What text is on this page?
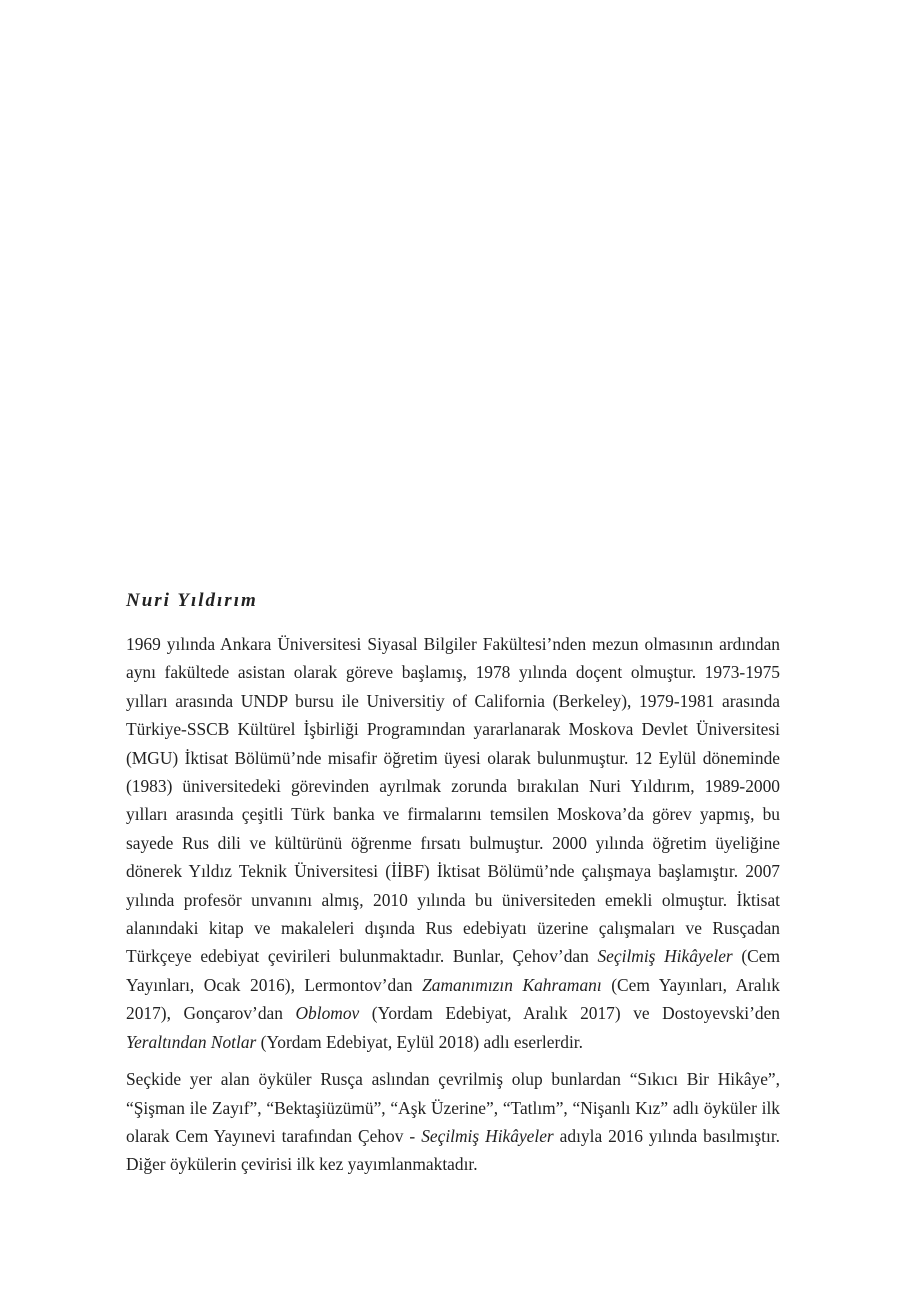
Nuri Yıldırım

1969 yılında Ankara Üniversitesi Siyasal Bilgiler Fakültesi’nden mezun olmasının ardından aynı fakültede asistan olarak göreve başlamış, 1978 yılında doçent olmuştur. 1973-1975 yılları arasında UNDP bursu ile Universitiy of California (Berkeley), 1979-1981 arasında Türkiye-SSCB Kültürel İşbirliği Programından yararlanarak Moskova Devlet Üniversitesi (MGU) İktisat Bölümü’nde misafir öğretim üyesi olarak bulunmuştur. 12 Eylül döneminde (1983) üniversitedeki görevinden ayrılmak zorunda bırakılan Nuri Yıldırım, 1989-2000 yılları arasında çeşitli Türk banka ve firmalarını temsilen Moskova’da görev yapmış, bu sayede Rus dili ve kültürünü öğrenme fırsatı bulmuştur. 2000 yılında öğretim üyeliğine dönerek Yıldız Teknik Üniversitesi (İİBF) İktisat Bölümü’nde çalışmaya başlamıştır. 2007 yılında profesör unvanını almış, 2010 yılında bu üniversiteden emekli olmuştur. İktisat alanındaki kitap ve makaleleri dışında Rus edebiyatı üzerine çalışmaları ve Rusçadan Türkçeye edebiyat çevirileri bulunmaktadır. Bunlar, Çehov’dan Seçilmiş Hikâyeler (Cem Yayınları, Ocak 2016), Lermontov’dan Zamanımızın Kahramanı (Cem Yayınları, Aralık 2017), Gonçarov’dan Oblomov (Yordam Edebiyat, Aralık 2017) ve Dostoyevski’den Yeraltından Notlar (Yordam Edebiyat, Eylül 2018) adlı eserlerdir.

Seçkide yer alan öyküler Rusça aslından çevrilmiş olup bunlardan “Sıkıcı Bir Hikâye”, “Şişman ile Zayıf”, “Bektaşiüzümü”, “Aşk Üzerine”, “Tatlım”, “Nişanlı Kız” adlı öyküler ilk olarak Cem Yayınevi tarafından Çehov - Seçilmiş Hikâyeler adıyla 2016 yılında basılmıştır. Diğer öykülerin çevirisi ilk kez yayımlanmaktadır.
